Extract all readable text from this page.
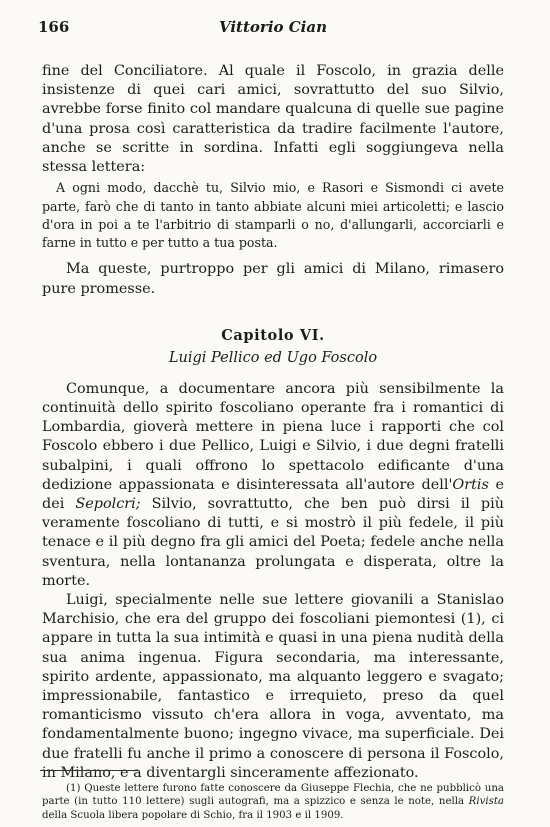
166	Vittorio Cian

fine del Conciliatore. Al quale il Foscolo, in grazia delle insistenze di quei cari amici, sovrattutto del suo Silvio, avrebbe forse finito col mandare qualcuna di quelle sue pagine d'una prosa così caratteristica da tradire facilmente l'autore, anche se scritte in sordina. Infatti egli soggiungeva nella stessa lettera:

A ogni modo, dacchè tu, Silvio mio, e Rasori e Sismondi ci avete parte, farò che di tanto in tanto abbiate alcuni miei articoletti; e lascio d'ora in poi a te l'arbitrio di stamparli o no, d'allungarli, accorciarli e farne in tutto e per tutto a tua posta.

Ma queste, purtroppo per gli amici di Milano, rimasero pure promesse.

Capitolo VI.
Luigi Pellico ed Ugo Foscolo

Comunque, a documentare ancora più sensibilmente la continuità dello spirito foscoliano operante fra i romantici di Lombardia, gioverà mettere in piena luce i rapporti che col Foscolo ebbero i due Pellico, Luigi e Silvio, i due degni fratelli subalpini, i quali offrono lo spettacolo edificante d'una dedizione appassionata e disinteressata all'autore dell'Ortis e dei Sepolcri; Silvio, sovrattutto, che ben può dirsi il più veramente foscoliano di tutti, e si mostrò il più fedele, il più tenace e il più degno fra gli amici del Poeta; fedele anche nella sventura, nella lontananza prolungata e disperata, oltre la morte.

Luigi, specialmente nelle sue lettere giovanili a Stanislao Marchisio, che era del gruppo dei foscoliani piemontesi (1), ci appare in tutta la sua intimità e quasi in una piena nudità della sua anima ingenua. Figura secondaria, ma interessante, spirito ardente, appassionato, ma alquanto leggero e svagato; impressionabile, fantastico e irrequieto, preso da quel romanticismo vissuto ch'era allora in voga, avventato, ma fondamentalmente buono; ingegno vivace, ma superficiale. Dei due fratelli fu anche il primo a conoscere di persona il Foscolo, in Milano, e a diventargli sinceramente affezionato.

(1) Queste lettere furono fatte conoscere da Giuseppe Flechia, che ne pubblicò una parte (in tutto 110 lettere) sugli autografi, ma a spizzico e senza le note, nella Rivista della Scuola libera popolare di Schio, fra il 1903 e il 1909.
